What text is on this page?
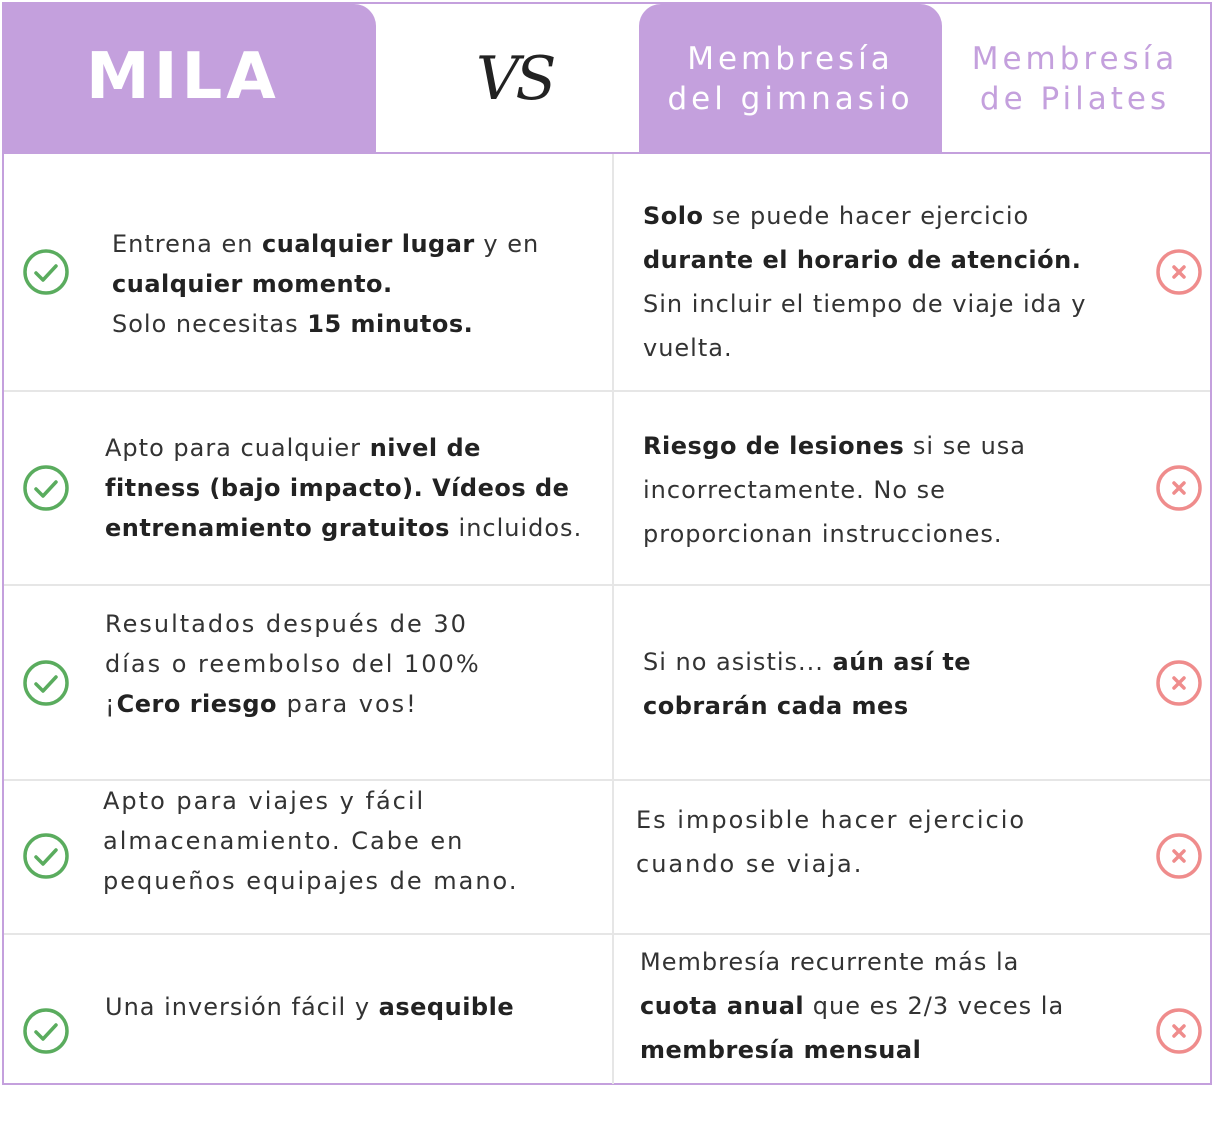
MILA	VS	Membresía
del gimnasio
Membresía
de Pilates
Entrena en cualquier lugar y en
cualquier momento.
Solo necesitas 15 minutos.
Solo se puede hacer ejercicio
durante el horario de atención.
Sin incluir el tiempo de viaje ida y
vuelta.
Apto para cualquier nivel de
fitness (bajo impacto). Vídeos de
entrenamiento gratuitos incluidos.
Riesgo de lesiones si se usa
incorrectamente. No se
proporcionan instrucciones.
Resultados después de 30
días o reembolso del 100%
¡Cero riesgo para vos!
Si no asistis... aún así te
cobrarán cada mes
Apto para viajes y fácil
almacenamiento. Cabe en
pequeños equipajes de mano.
Es imposible hacer ejercicio
cuando se viaja.
Una inversión fácil y asequible
Membresía recurrente más la
cuota anual que es 2/3 veces la
membresía mensual
